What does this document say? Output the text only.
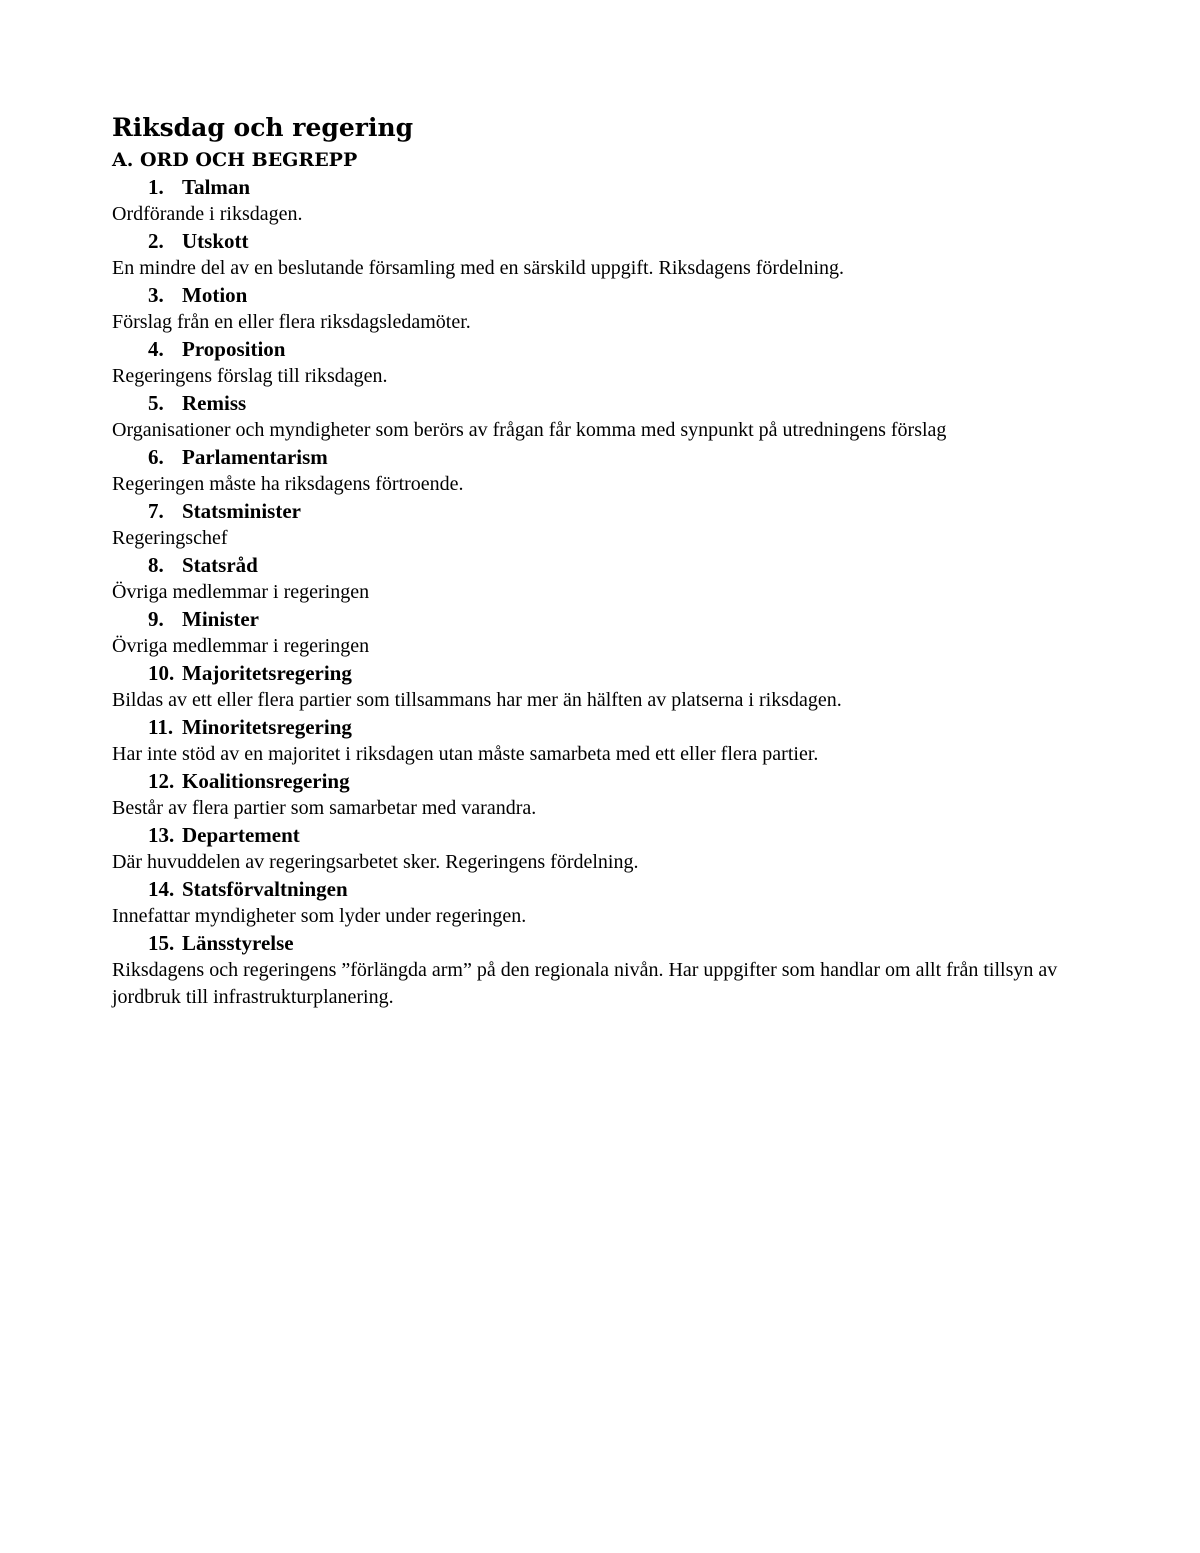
Riksdag och regering
A. ORD OCH BEGREPP
1. Talman
Ordförande i riksdagen.
2. Utskott
En mindre del av en beslutande församling med en särskild uppgift. Riksdagens fördelning.
3. Motion
Förslag från en eller flera riksdagsledamöter.
4. Proposition
Regeringens förslag till riksdagen.
5. Remiss
Organisationer och myndigheter som berörs av frågan får komma med synpunkt på utredningens förslag
6. Parlamentarism
Regeringen måste ha riksdagens förtroende.
7. Statsminister
Regeringschef
8. Statsråd
Övriga medlemmar i regeringen
9. Minister
Övriga medlemmar i regeringen
10. Majoritetsregering
Bildas av ett eller flera partier som tillsammans har mer än hälften av platserna i riksdagen.
11. Minoritetsregering
Har inte stöd av en majoritet i riksdagen utan måste samarbeta med ett eller flera partier.
12. Koalitionsregering
Består av flera partier som samarbetar med varandra.
13. Departement
Där huvuddelen av regeringsarbetet sker. Regeringens fördelning.
14. Statsförvaltningen
Innefattar myndigheter som lyder under regeringen.
15. Länsstyrelse
Riksdagens och regeringens ”förlängda arm” på den regionala nivån. Har uppgifter som handlar om allt från tillsyn av jordbruk till infrastrukturplanering.
